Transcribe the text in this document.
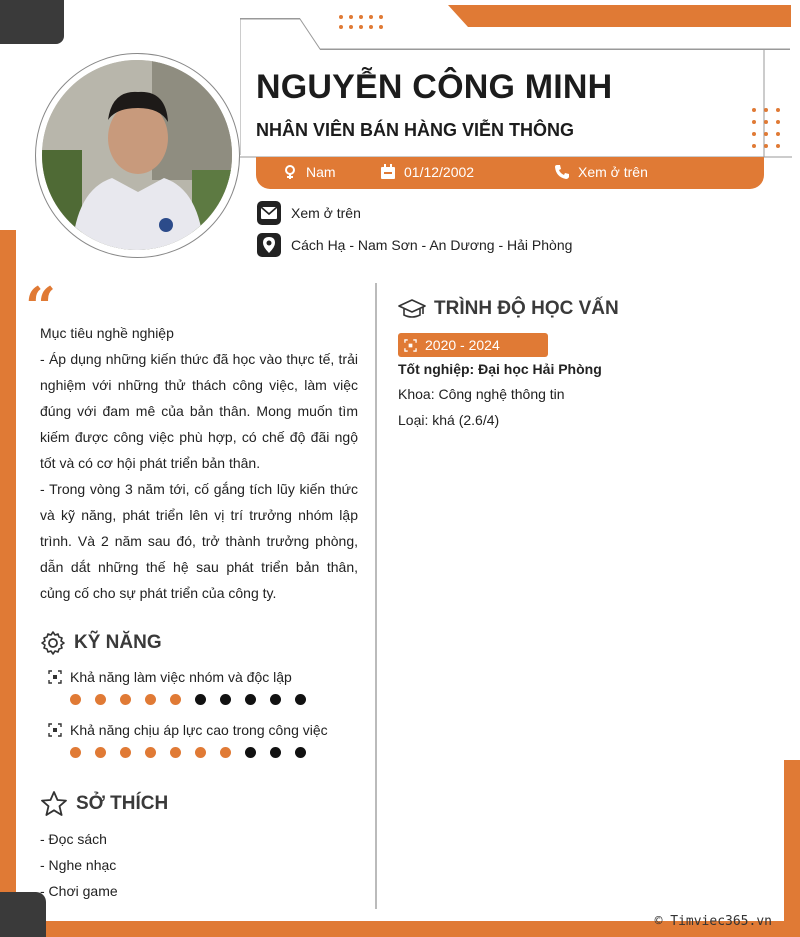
NGUYỄN CÔNG MINH
NHÂN VIÊN BÁN HÀNG VIỄN THÔNG
Nam	01/12/2002	Xem ở trên
Xem ở trên
Cách Hạ - Nam Sơn - An Dương - Hải Phòng
“
Mục tiêu nghề nghiệp
- Áp dụng những kiến thức đã học vào thực tế, trải nghiệm với những thử thách công việc, làm việc đúng với đam mê của bản thân. Mong muốn tìm kiếm được công việc phù hợp, có chế độ đãi ngộ tốt và có cơ hội phát triển bản thân.
- Trong vòng 3 năm tới, cố gắng tích lũy kiến thức và kỹ năng, phát triển lên vị trí trưởng nhóm lập trình. Và 2 năm sau đó, trở thành trưởng phòng, dẫn dắt những thế hệ sau phát triển bản thân, củng cố cho sự phát triển của công ty.
KỸ NĂNG
Khả năng làm việc nhóm và độc lập
Khả năng chịu áp lực cao trong công việc
SỞ THÍCH
- Đọc sách
- Nghe nhạc
- Chơi game
TRÌNH ĐỘ HỌC VẤN
2020 - 2024
Tốt nghiệp: Đại học Hải Phòng
Khoa: Công nghệ thông tin
Loại: khá (2.6/4)
© Timviec365.vn
